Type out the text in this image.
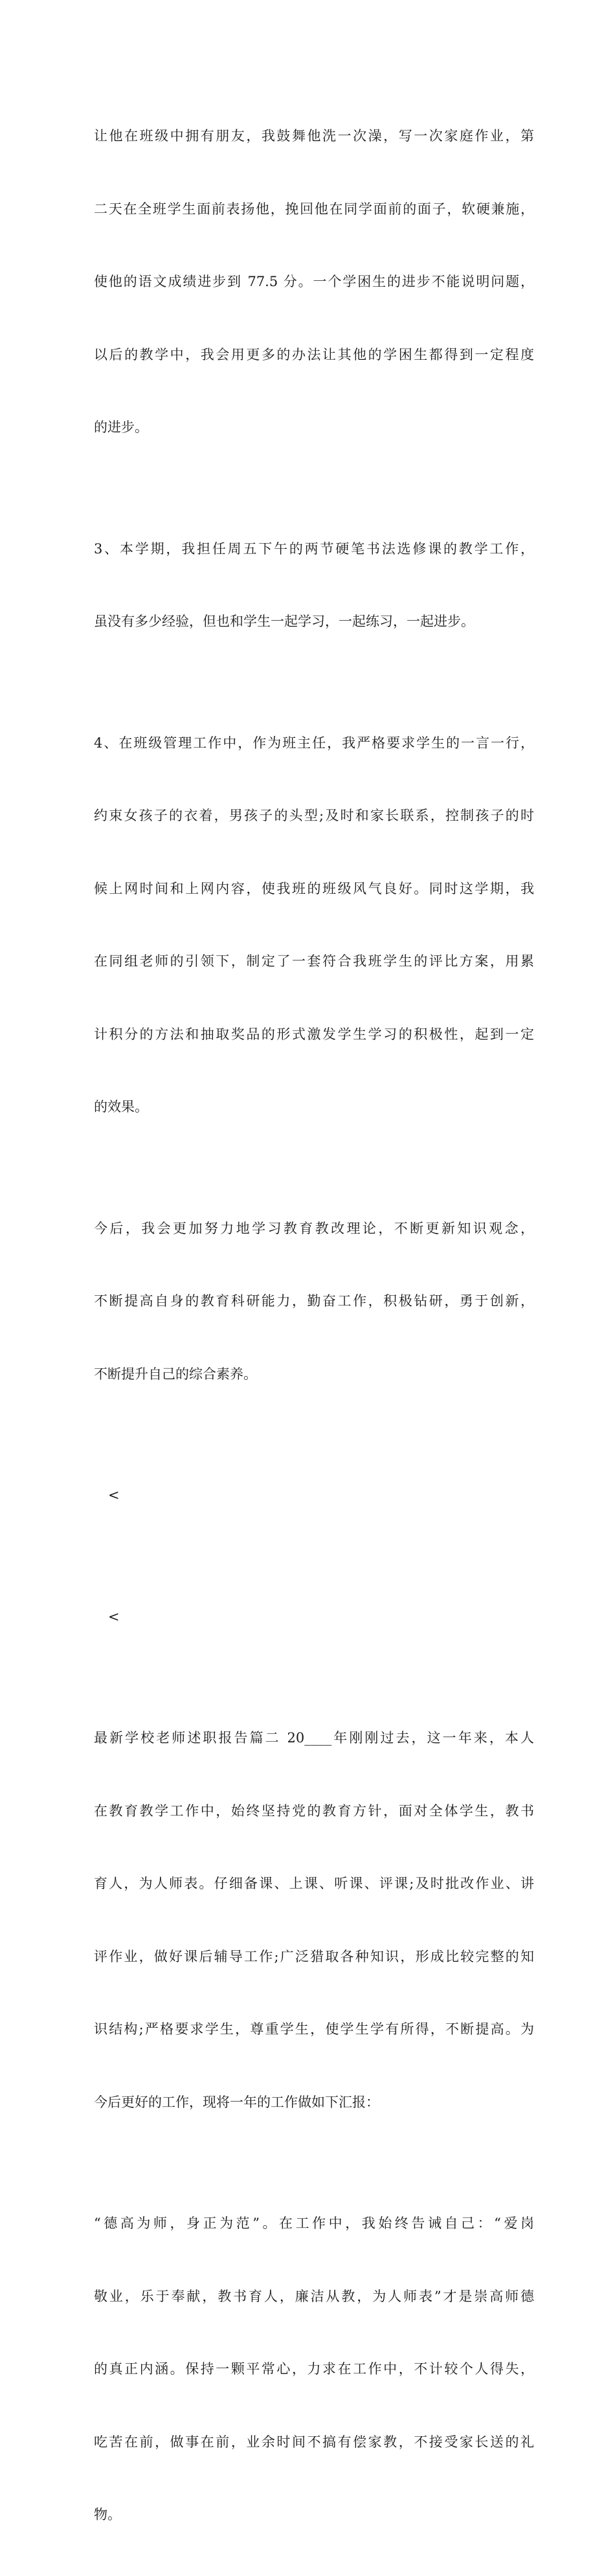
让他在班级中拥有朋友，我鼓舞他洗一次澡，写一次家庭作业，第

二天在全班学生面前表扬他，挽回他在同学面前的面子，软硬兼施，

使他的语文成绩进步到 77.5 分。一个学困生的进步不能说明问题，

以后的教学中，我会用更多的办法让其他的学困生都得到一定程度

的进步。

3、本学期，我担任周五下午的两节硬笔书法选修课的教学工作，

虽没有多少经验，但也和学生一起学习，一起练习，一起进步。

4、在班级管理工作中，作为班主任，我严格要求学生的一言一行，

约束女孩子的衣着，男孩子的头型;及时和家长联系，控制孩子的时

候上网时间和上网内容，使我班的班级风气良好。同时这学期，我

在同组老师的引领下，制定了一套符合我班学生的评比方案，用累

计积分的方法和抽取奖品的形式激发学生学习的积极性，起到一定

的效果。

今后，我会更加努力地学习教育教改理论，不断更新知识观念，

不断提高自身的教育科研能力，勤奋工作，积极钻研，勇于创新，

不断提升自己的综合素养。

<

<

最新学校老师述职报告篇二 20____年刚刚过去，这一年来，本人

在教育教学工作中，始终坚持党的教育方针，面对全体学生，教书

育人，为人师表。仔细备课、上课、听课、评课;及时批改作业、讲

评作业，做好课后辅导工作;广泛猎取各种知识，形成比较完整的知

识结构;严格要求学生，尊重学生，使学生学有所得，不断提高。为

今后更好的工作，现将一年的工作做如下汇报：

“德高为师，身正为范”。在工作中，我始终告诫自己：“爱岗

敬业，乐于奉献，教书育人，廉洁从教，为人师表”才是崇高师德

的真正内涵。保持一颗平常心，力求在工作中，不计较个人得失，

吃苦在前，做事在前，业余时间不搞有偿家教，不接受家长送的礼

物。
